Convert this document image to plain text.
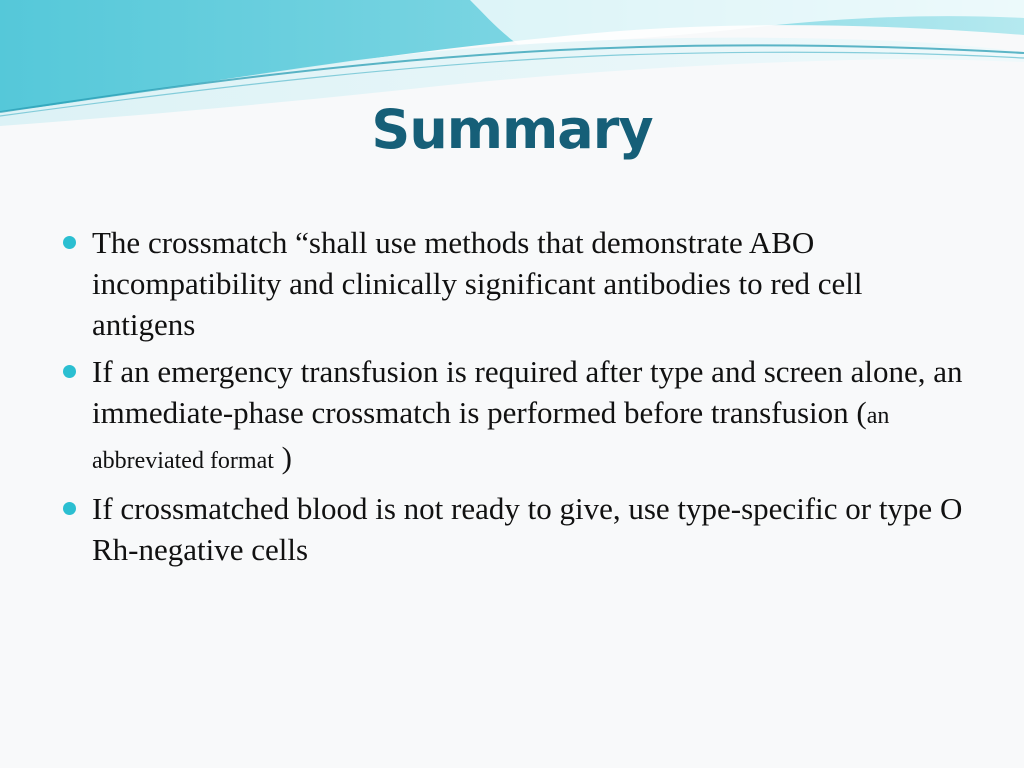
Summary
The crossmatch “shall use methods that demonstrate ABO incompatibility and clinically significant antibodies to red cell antigens
If an emergency transfusion is required after type and screen alone, an immediate-phase crossmatch is performed before transfusion (an abbreviated format )
If crossmatched blood is not ready to give, use type-specific or type O Rh-negative cells
